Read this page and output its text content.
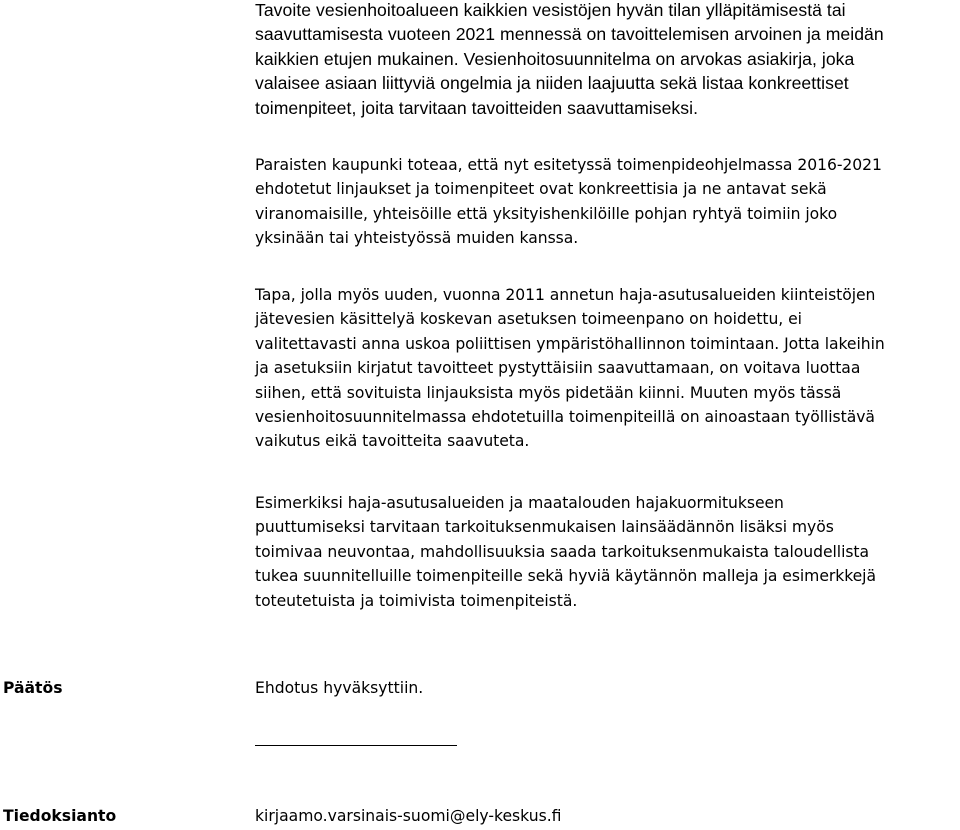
Tavoite vesienhoitoalueen kaikkien vesistöjen hyvän tilan ylläpitämisestä tai
saavuttamisesta vuoteen 2021 mennessä on tavoittelemisen arvoinen ja meidän
kaikkien etujen mukainen. Vesienhoitosuunnitelma on arvokas asiakirja, joka
valaisee asiaan liittyviä ongelmia ja niiden laajuutta sekä listaa konkreettiset
toimenpiteet, joita tarvitaan tavoitteiden saavuttamiseksi.

Paraisten kaupunki toteaa, että nyt esitetyssä toimenpideohjelmassa 2016-2021
ehdotetut linjaukset ja toimenpiteet ovat konkreettisia ja ne antavat sekä
viranomaisille, yhteisöille että yksityishenkilöille pohjan ryhtyä toimiin joko
yksinään tai yhteistyössä muiden kanssa.

Tapa, jolla myös uuden, vuonna 2011 annetun haja-asutusalueiden kiinteistöjen
jätevesien käsittelyä koskevan asetuksen toimeenpano on hoidettu, ei
valitettavasti anna uskoa poliittisen ympäristöhallinnon toimintaan. Jotta lakeihin
ja asetuksiin kirjatut tavoitteet pystyttäisiin saavuttamaan, on voitava luottaa
siihen, että sovituista linjauksista myös pidetään kiinni. Muuten myös tässä
vesienhoitosuunnitelmassa ehdotetuilla toimenpiteillä on ainoastaan työllistävä
vaikutus eikä tavoitteita saavuteta.

Esimerkiksi haja-asutusalueiden ja maatalouden hajakuormitukseen
puuttumiseksi tarvitaan tarkoituksenmukaisen lainsäädännön lisäksi myös
toimivaa neuvontaa, mahdollisuuksia saada tarkoituksenmukaista taloudellista
tukea suunnitelluille toimenpiteille sekä hyviä käytännön malleja ja esimerkkejä
toteutetuista ja toimivista toimenpiteistä.

Päätös	Ehdotus hyväksyttiin.

Tiedoksianto	kirjaamo.varsinais-suomi@ely-keskus.fi
